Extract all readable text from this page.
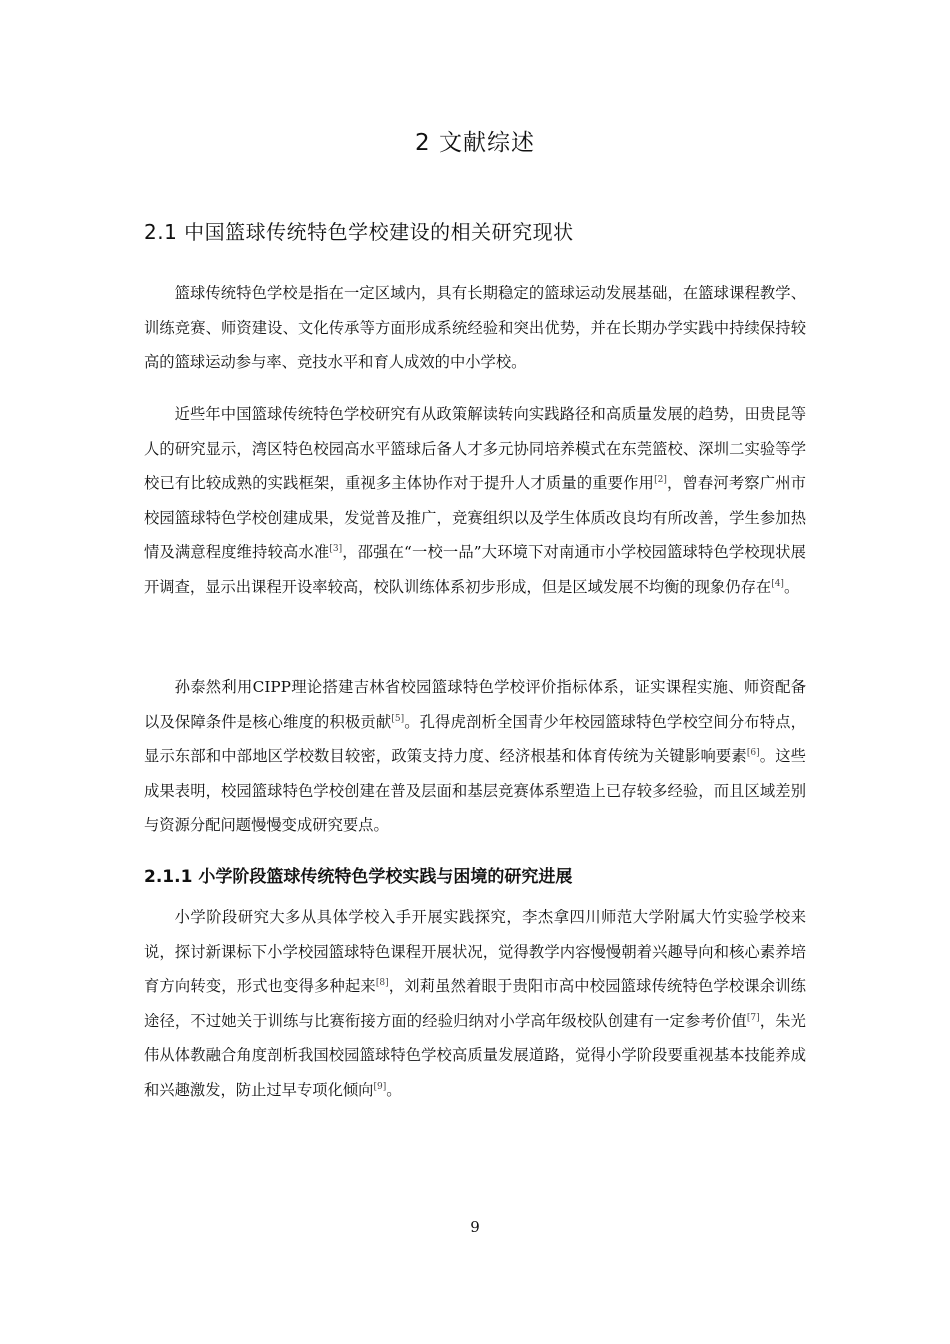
2 文献综述
2.1 中国篮球传统特色学校建设的相关研究现状

篮球传统特色学校是指在一定区域内，具有长期稳定的篮球运动发展基础，在篮球课程教学、训练竞赛、师资建设、文化传承等方面形成系统经验和突出优势，并在长期办学实践中持续保持较高的篮球运动参与率、竞技水平和育人成效的中小学校。

近些年中国篮球传统特色学校研究有从政策解读转向实践路径和高质量发展的趋势，田贵昆等人的研究显示，湾区特色校园高水平篮球后备人才多元协同培养模式在东莞篮校、深圳二实验等学校已有比较成熟的实践框架，重视多主体协作对于提升人才质量的重要作用[2]，曾春河考察广州市校园篮球特色学校创建成果，发觉普及推广，竞赛组织以及学生体质改良均有所改善，学生参加热情及满意程度维持较高水准[3]，邵强在“一校一品”大环境下对南通市小学校园篮球特色学校现状展开调查，显示出课程开设率较高，校队训练体系初步形成，但是区域发展不均衡的现象仍存在[4]。

孙泰然利用CIPP理论搭建吉林省校园篮球特色学校评价指标体系，证实课程实施、师资配备以及保障条件是核心维度的积极贡献[5]。孔得虎剖析全国青少年校园篮球特色学校空间分布特点，显示东部和中部地区学校数目较密，政策支持力度、经济根基和体育传统为关键影响要素[6]。这些成果表明，校园篮球特色学校创建在普及层面和基层竞赛体系塑造上已存较多经验，而且区域差别与资源分配问题慢慢变成研究要点。

2.1.1 小学阶段篮球传统特色学校实践与困境的研究进展

小学阶段研究大多从具体学校入手开展实践探究，李杰拿四川师范大学附属大竹实验学校来说，探讨新课标下小学校园篮球特色课程开展状况，觉得教学内容慢慢朝着兴趣导向和核心素养培育方向转变，形式也变得多种起来[8]，刘莉虽然着眼于贵阳市高中校园篮球传统特色学校课余训练途径，不过她关于训练与比赛衔接方面的经验归纳对小学高年级校队创建有一定参考价值[7]，朱光伟从体教融合角度剖析我国校园篮球特色学校高质量发展道路，觉得小学阶段要重视基本技能养成和兴趣激发，防止过早专项化倾向[9]。

9
